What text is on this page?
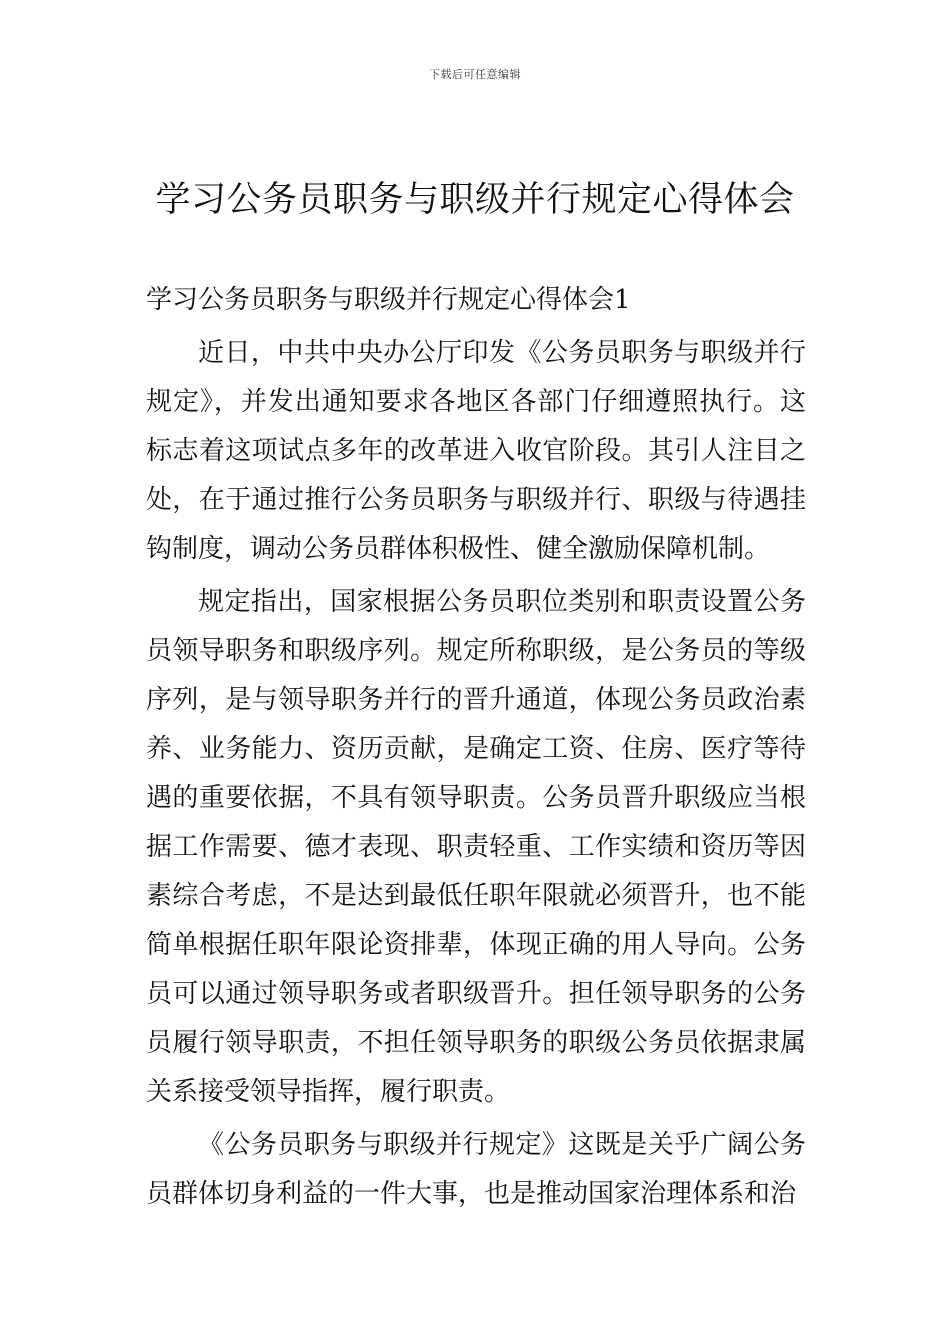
下载后可任意编辑
学习公务员职务与职级并行规定心得体会

学习公务员职务与职级并行规定心得体会1

近日，中共中央办公厅印发《公务员职务与职级并行规定》，并发出通知要求各地区各部门仔细遵照执行。这标志着这项试点多年的改革进入收官阶段。其引人注目之处，在于通过推行公务员职务与职级并行、职级与待遇挂钩制度，调动公务员群体积极性、健全激励保障机制。

规定指出，国家根据公务员职位类别和职责设置公务员领导职务和职级序列。规定所称职级，是公务员的等级序列，是与领导职务并行的晋升通道，体现公务员政治素养、业务能力、资历贡献，是确定工资、住房、医疗等待遇的重要依据，不具有领导职责。公务员晋升职级应当根据工作需要、德才表现、职责轻重、工作实绩和资历等因素综合考虑，不是达到最低任职年限就必须晋升，也不能简单根据任职年限论资排辈，体现正确的用人导向。公务员可以通过领导职务或者职级晋升。担任领导职务的公务员履行领导职责，不担任领导职务的职级公务员依据隶属关系接受领导指挥，履行职责。

《公务员职务与职级并行规定》这既是关乎广阔公务员群体切身利益的一件大事，也是推动国家治理体系和治
